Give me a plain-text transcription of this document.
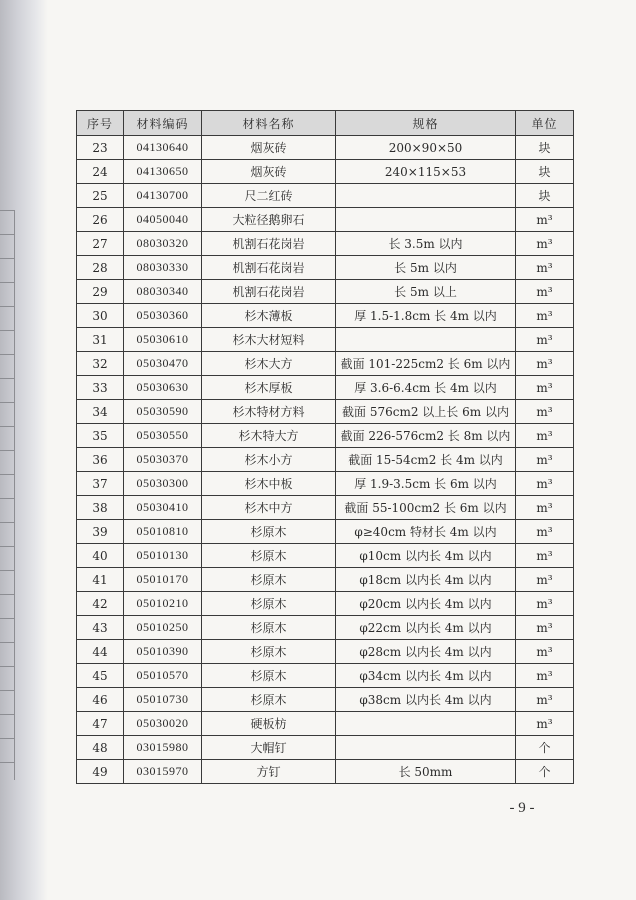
序号	材料编码	材料名称	规格	单位
23	04130640	烟灰砖	200×90×50	块
24	04130650	烟灰砖	240×115×53	块
25	04130700	尺二红砖		块
26	04050040	大粒径鹅卵石		m³
27	08030320	机割石花岗岩	长 3.5m 以内	m³
28	08030330	机割石花岗岩	长 5m 以内	m³
29	08030340	机割石花岗岩	长 5m 以上	m³
30	05030360	杉木薄板	厚 1.5-1.8cm 长 4m 以内	m³
31	05030610	杉木大材短料		m³
32	05030470	杉木大方	截面 101-225cm2 长 6m 以内	m³
33	05030630	杉木厚板	厚 3.6-6.4cm 长 4m 以内	m³
34	05030590	杉木特材方料	截面 576cm2 以上长 6m 以内	m³
35	05030550	杉木特大方	截面 226-576cm2 长 8m 以内	m³
36	05030370	杉木小方	截面 15-54cm2 长 4m 以内	m³
37	05030300	杉木中板	厚 1.9-3.5cm 长 6m 以内	m³
38	05030410	杉木中方	截面 55-100cm2 长 6m 以内	m³
39	05010810	杉原木	φ≥40cm 特材长 4m 以内	m³
40	05010130	杉原木	φ10cm 以内长 4m 以内	m³
41	05010170	杉原木	φ18cm 以内长 4m 以内	m³
42	05010210	杉原木	φ20cm 以内长 4m 以内	m³
43	05010250	杉原木	φ22cm 以内长 4m 以内	m³
44	05010390	杉原木	φ28cm 以内长 4m 以内	m³
45	05010570	杉原木	φ34cm 以内长 4m 以内	m³
46	05010730	杉原木	φ38cm 以内长 4m 以内	m³
47	05030020	硬板枋		m³
48	03015980	大帽钉		个
49	03015970	方钉	长 50mm	个
- 9 -
